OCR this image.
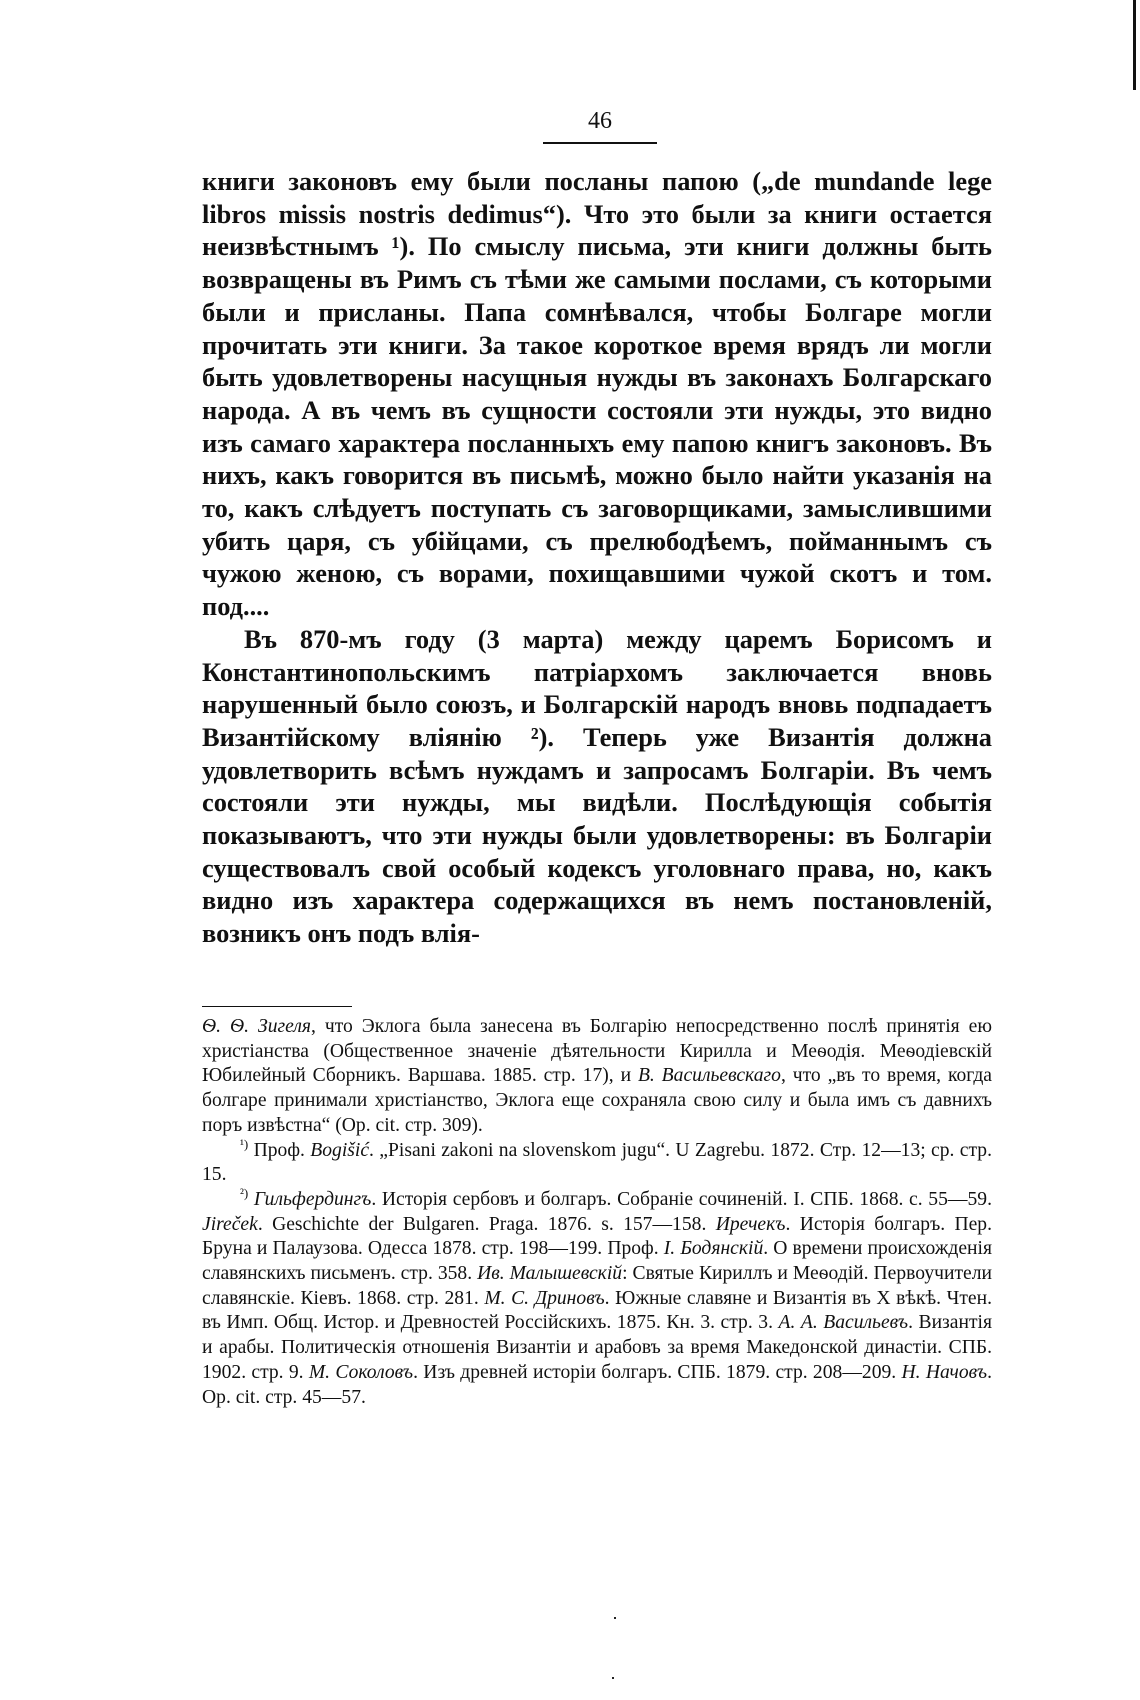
46

книги законовъ ему были посланы папою („de mundandе legе libros missis nostris dedimus“). Что это были за книги остается неизвѣстнымъ ¹). По смыслу письма, эти книги должны быть возвращены въ Римъ съ тѣми же самыми послами, съ которыми были и присланы. Папа сомнѣвался, чтобы Болгаре могли прочитать эти книги. За такое короткое время врядъ ли могли быть удовлетворены насущныя нужды въ законахъ Болгарскаго народа. А въ чемъ въ сущности состояли эти нужды, это видно изъ самаго характера посланныхъ ему папою книгъ законовъ. Въ нихъ, какъ говорится въ письмѣ, можно было найти указанія на то, какъ слѣдуетъ поступать съ заговорщиками, замыслившими убить царя, съ убійцами, съ прелюбодѣемъ, пойманнымъ съ чужою женою, съ ворами, похищавшими чужой скотъ и том. под....

Въ 870-мъ году (3 марта) между царемъ Борисомъ и Константинопольскимъ патріархомъ заключается вновь нарушенный было союзъ, и Болгарскій народъ вновь подпадаетъ Византійскому вліянію ²). Теперь уже Византія должна удовлетворить всѣмъ нуждамъ и запросамъ Болгаріи. Въ чемъ состояли эти нужды, мы видѣли. Послѣдующія событія показываютъ, что эти нужды были удовлетворены: въ Болгаріи существовалъ свой особый кодексъ уголовнаго права, но, какъ видно изъ характера содержащихся въ немъ постановленій, возникъ онъ подъ влія-

Ѳ. Ѳ. Зигеля, что Эклога была занесена въ Болгарію непосредственно послѣ принятія ею христіанства (Общественное значеніе дѣятельности Кирилла и Меѳодія. Меѳодіевскій Юбилейный Сборникъ. Варшава. 1885. стр. 17), и В. Васильевскаго, что „въ то время, когда болгаре принимали христіанство, Эклога еще сохраняла свою силу и была имъ съ давнихъ поръ извѣстна“ (Op. cit. стр. 309).

$^{^1)}$ Проф. Bogišić. „Pisani zakoni na slovenskom jugu“. U Zagrebu. 1872. Стр. 12—13; ср. стр. 15.

$^{^2)}$ Гильфердингъ. Исторія сербовъ и болгаръ. Собраніе сочиненій. I. СПБ. 1868. с. 55—59. Jireček. Geschichte der Bulgaren. Praga. 1876. s. 157—158. Иречекъ. Исторія болгаръ. Пер. Бруна и Палаузова. Одесса 1878. стр. 198—199. Проф. I. Бодянскій. О времени происхожденія славянскихъ письменъ. стр. 358. Ив. Малышевскій: Святые Кириллъ и Меѳодій. Первоучители славянскіе. Кіевъ. 1868. стр. 281. М. С. Дриновъ. Южные славяне и Византія въ X вѣкѣ. Чтен. въ Имп. Общ. Истор. и Древностей Россійскихъ. 1875. Кн. 3. стр. 3. А. А. Васильевъ. Византія и арабы. Политическія отношенія Византіи и арабовъ за время Македонской династіи. СПБ. 1902. стр. 9. М. Соколовъ. Изъ древней исторіи болгаръ. СПБ. 1879. стр. 208—209. Н. Начовъ. Op. cit. стр. 45—57.
